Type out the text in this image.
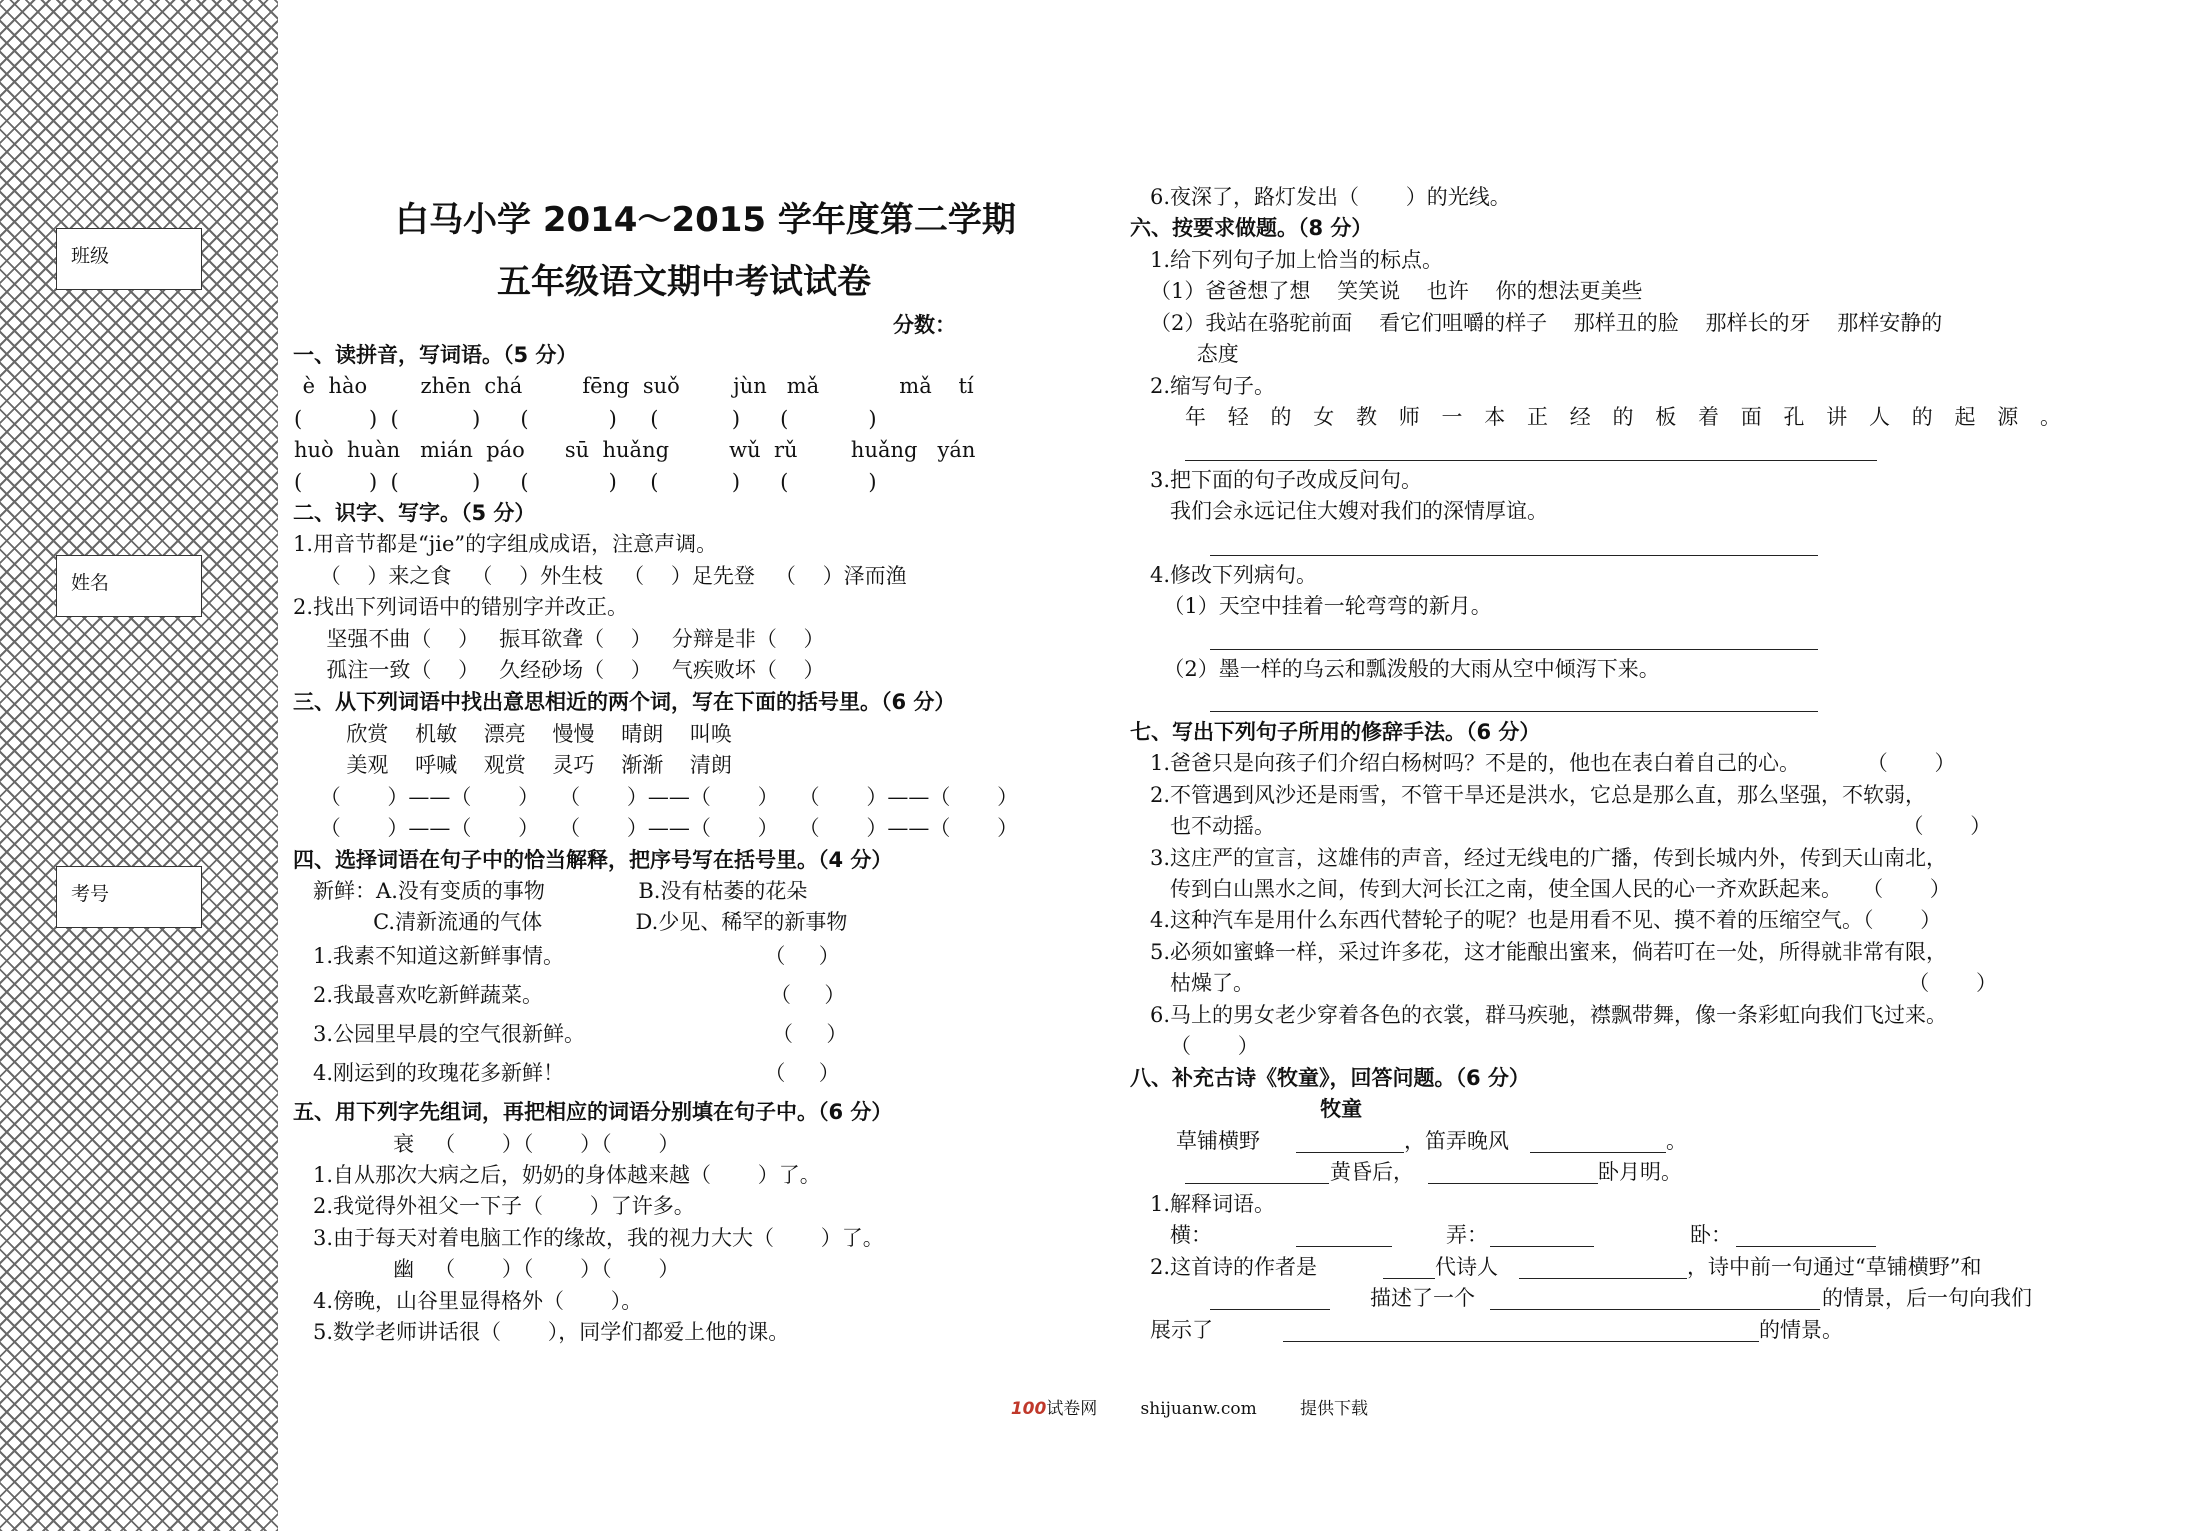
班级
姓名
考号
白马小学 2014～2015 学年度第二学期
五年级语文期中考试试卷
分数：
一、读拼音，写词语。（5 分）
è  hào        zhēn  chá         fēng  suǒ        jùn   mǎ            mǎ    tí
(          )  (           )      (            )     (           )      (            )
huò  huàn   mián  páo      sū  huǎng         wǔ  rǔ        huǎng   yán
(          )  (           )      (            )     (           )      (            )
二、识字、写字。（5 分）
1.用音节都是“jie”的字组成成语，注意声调。
（    ）来之食   （    ）外生枝   （    ）足先登   （    ）泽而渔
2.找出下列词语中的错别字并改正。
坚强不曲（    ）   振耳欲聋（    ）   分辩是非（    ）
孤注一致（    ）   久经砂场（    ）   气疾败坏（    ）
三、从下列词语中找出意思相近的两个词，写在下面的括号里。（6 分）
欣赏    机敏    漂亮    慢慢    晴朗    叫唤
美观    呼喊    观赏    灵巧    渐渐    清朗
（       ）——（       ）   （       ）——（       ）   （       ）——（       ）
（       ）——（       ）   （       ）——（       ）   （       ）——（       ）
四、选择词语在句子中的恰当解释，把序号写在括号里。（4 分）
新鲜：A.没有变质的事物              B.没有枯萎的花朵
C.清新流通的气体              D.少见、稀罕的新事物
1.我素不知道这新鲜事情。                              （     ）
2.我最喜欢吃新鲜蔬菜。                                  （     ）
3.公园里早晨的空气很新鲜。                            （     ）
4.刚运到的玫瑰花多新鲜！                              （     ）
五、用下列字先组词，再把相应的词语分别填在句子中。（6 分）
衰   （       ）（       ）（       ）
1.自从那次大病之后，奶奶的身体越来越（       ）了。
2.我觉得外祖父一下子（       ）了许多。
3.由于每天对着电脑工作的缘故，我的视力大大（       ）了。
幽   （       ）（       ）（       ）
4.傍晚，山谷里显得格外（       ）。
5.数学老师讲话很（       ），同学们都爱上他的课。
6.夜深了，路灯发出（       ）的光线。
六、按要求做题。（8 分）
1.给下列句子加上恰当的标点。
（1）爸爸想了想    笑笑说    也许    你的想法更美些
（2）我站在骆驼前面    看它们咀嚼的样子    那样丑的脸    那样长的牙    那样安静的
态度
2.缩写句子。
年轻的女教师一本正经的板着面孔讲人的起源。
3.把下面的句子改成反问句。
我们会永远记住大嫂对我们的深情厚谊。
4.修改下列病句。
（1）天空中挂着一轮弯弯的新月。
（2）墨一样的乌云和瓢泼般的大雨从空中倾泻下来。
七、写出下列句子所用的修辞手法。（6 分）
1.爸爸只是向孩子们介绍白杨树吗？不是的，他也在表白着自己的心。          （       ）
2.不管遇到风沙还是雨雪，不管干旱还是洪水，它总是那么直，那么坚强，不软弱，
也不动摇。                                                                                              （       ）
3.这庄严的宣言，这雄伟的声音，经过无线电的广播，传到长城内外，传到天山南北，
传到白山黑水之间，传到大河长江之南，使全国人民的心一齐欢跃起来。   （       ）
4.这种汽车是用什么东西代替轮子的呢？也是用看不见、摸不着的压缩空气。（       ）
5.必须如蜜蜂一样，采过许多花，这才能酿出蜜来，倘若叮在一处，所得就非常有限，
枯燥了。                                                                                                  （       ）
6.马上的男女老少穿着各色的衣裳，群马疾驰，襟飘带舞，像一条彩虹向我们飞过来。
（       ）
八、补充古诗《牧童》，回答问题。（6 分）
牧童
草铺横野	，笛弄晚风	。
黄昏后，	卧月明。
1.解释词语。
横：	弄：	卧：
2.这首诗的作者是	代诗人	，诗中前一句通过“草铺横野”和
描述了一个	的情景，后一句向我们
展示了	的情景。

100试卷网	shijuanw.com	提供下载
